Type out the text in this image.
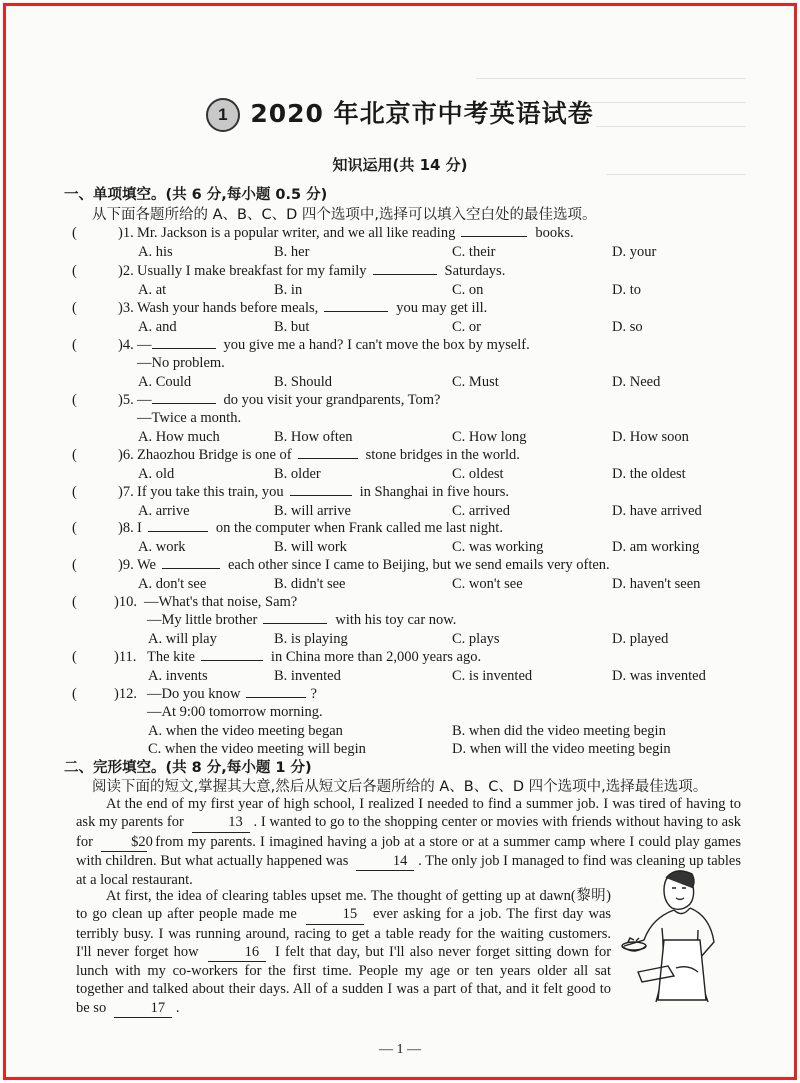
1 2020 年北京市中考英语试卷
知识运用(共 14 分)
一、单项填空。(共 6 分,每小题 0.5 分)
从下面各题所给的 A、B、C、D 四个选项中,选择可以填入空白处的最佳选项。
(	)1. Mr. Jackson is a popular writer, and we all like reading	books.
A. his	B. her	C. their	D. your
(	)2. Usually I make breakfast for my family	Saturdays.
A. at	B. in	C. on	D. to
(	)3. Wash your hands before meals,	you may get ill.
A. and	B. but	C. or	D. so
(	)4. —	you give me a hand? I can't move the box by myself.
—No problem.
A. Could	B. Should	C. Must	D. Need
(	)5. —	do you visit your grandparents, Tom?
—Twice a month.
A. How much	B. How often	C. How long	D. How soon
(	)6. Zhaozhou Bridge is one of	stone bridges in the world.
A. old	B. older	C. oldest	D. the oldest
(	)7. If you take this train, you	in Shanghai in five hours.
A. arrive	B. will arrive	C. arrived	D. have arrived
(	)8. I	on the computer when Frank called me last night.
A. work	B. will work	C. was working	D. am working
(	)9. We	each other since I came to Beijing, but we send emails very often.
A. don't see	B. didn't see	C. won't see	D. haven't seen
(	)10. —What's that noise, Sam?
—My little brother	with his toy car now.
A. will play	B. is playing	C. plays	D. played
(	)11. The kite	in China more than 2,000 years ago.
A. invents	B. invented	C. is invented	D. was invented
(	)12. —Do you know	?
—At 9:00 tomorrow morning.
A. when the video meeting began	B. when did the video meeting begin
C. when the video meeting will begin	D. when will the video meeting begin
二、完形填空。(共 8 分,每小题 1 分)
阅读下面的短文,掌握其大意,然后从短文后各题所给的 A、B、C、D 四个选项中,选择最佳选项。
At the end of my first year of high school, I realized I needed to find a summer job. I was tired of having to ask my parents for	13 . I wanted to go to the shopping center or movies with friends without having to ask for	$20 from my parents. I imagined having a job at a store or at a summer camp where I could play games with children. But what actually happened was	14 . The only job I managed to find was cleaning up tables at a local restaurant.
At first, the idea of clearing tables upset me. The thought of getting up at dawn(黎明) to go clean up after people made me	15 ever asking for a job. The first day was terribly busy. I was running around, racing to get a table ready for the waiting customers. I'll never forget how	16 I felt that day, but I'll also never forget sitting down for lunch with my co-workers for the first time. People my age or ten years older all sat together and talked about their days. All of a sudden I was a part of that, and it felt good to be so	17 .
— 1 —
